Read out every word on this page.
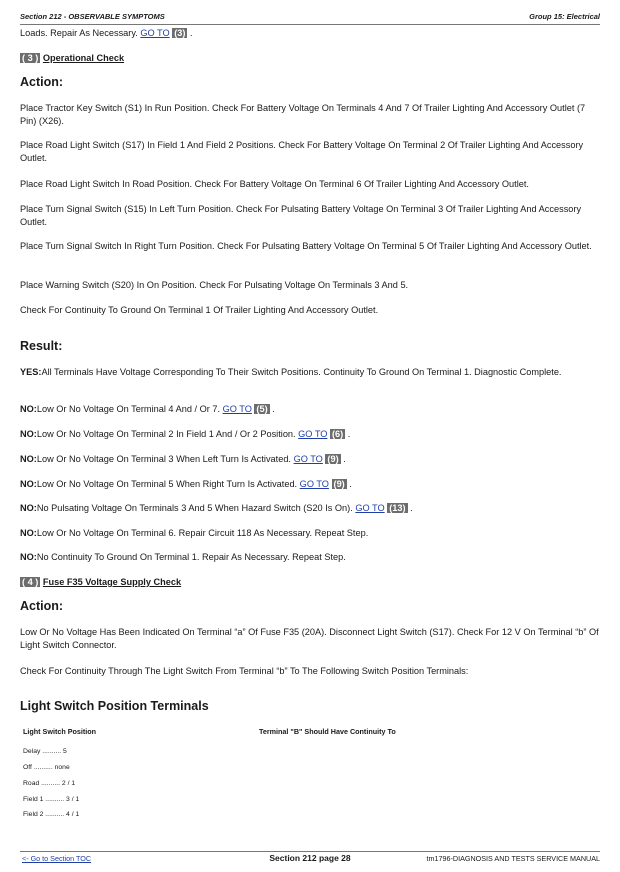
Section 212 - OBSERVABLE SYMPTOMS	Group 15: Electrical
Loads. Repair As Necessary. GO TO (3) .
( 3 ) Operational Check
Action:
Place Tractor Key Switch (S1) In Run Position. Check For Battery Voltage On Terminals 4 And 7 Of Trailer Lighting And Accessory Outlet (7 Pin) (X26).
Place Road Light Switch (S17) In Field 1 And Field 2 Positions. Check For Battery Voltage On Terminal 2 Of Trailer Lighting And Accessory Outlet.
Place Road Light Switch In Road Position. Check For Battery Voltage On Terminal 6 Of Trailer Lighting And Accessory Outlet.
Place Turn Signal Switch (S15) In Left Turn Position. Check For Pulsating Battery Voltage On Terminal 3 Of Trailer Lighting And Accessory Outlet.
Place Turn Signal Switch In Right Turn Position. Check For Pulsating Battery Voltage On Terminal 5 Of Trailer Lighting And Accessory Outlet.
Place Warning Switch (S20) In On Position. Check For Pulsating Voltage On Terminals 3 And 5.
Check For Continuity To Ground On Terminal 1 Of Trailer Lighting And Accessory Outlet.
Result:
YES:All Terminals Have Voltage Corresponding To Their Switch Positions. Continuity To Ground On Terminal 1. Diagnostic Complete.
NO:Low Or No Voltage On Terminal 4 And / Or 7. GO TO (5) .
NO:Low Or No Voltage On Terminal 2 In Field 1 And / Or 2 Position. GO TO (6) .
NO:Low Or No Voltage On Terminal 3 When Left Turn Is Activated. GO TO (9) .
NO:Low Or No Voltage On Terminal 5 When Right Turn Is Activated. GO TO (9) .
NO:No Pulsating Voltage On Terminals 3 And 5 When Hazard Switch (S20 Is On). GO TO (13) .
NO:Low Or No Voltage On Terminal 6. Repair Circuit 118 As Necessary. Repeat Step.
NO:No Continuity To Ground On Terminal 1. Repair As Necessary. Repeat Step.
( 4 ) Fuse F35 Voltage Supply Check
Action:
Low Or No Voltage Has Been Indicated On Terminal “a” Of Fuse F35 (20A). Disconnect Light Switch (S17). Check For 12 V On Terminal “b” Of Light Switch Connector.
Check For Continuity Through The Light Switch From Terminal “b” To The Following Switch Position Terminals:
Light Switch Position Terminals
Light Switch Position	Terminal "B" Should Have Continuity To
Delay .......... 5
Off .......... none
Road .......... 2 / 1
Field 1 .......... 3 / 1
Field 2 .......... 4 / 1
<- Go to Section TOC	Section 212 page 28	tm1796-DIAGNOSIS AND TESTS SERVICE MANUAL
